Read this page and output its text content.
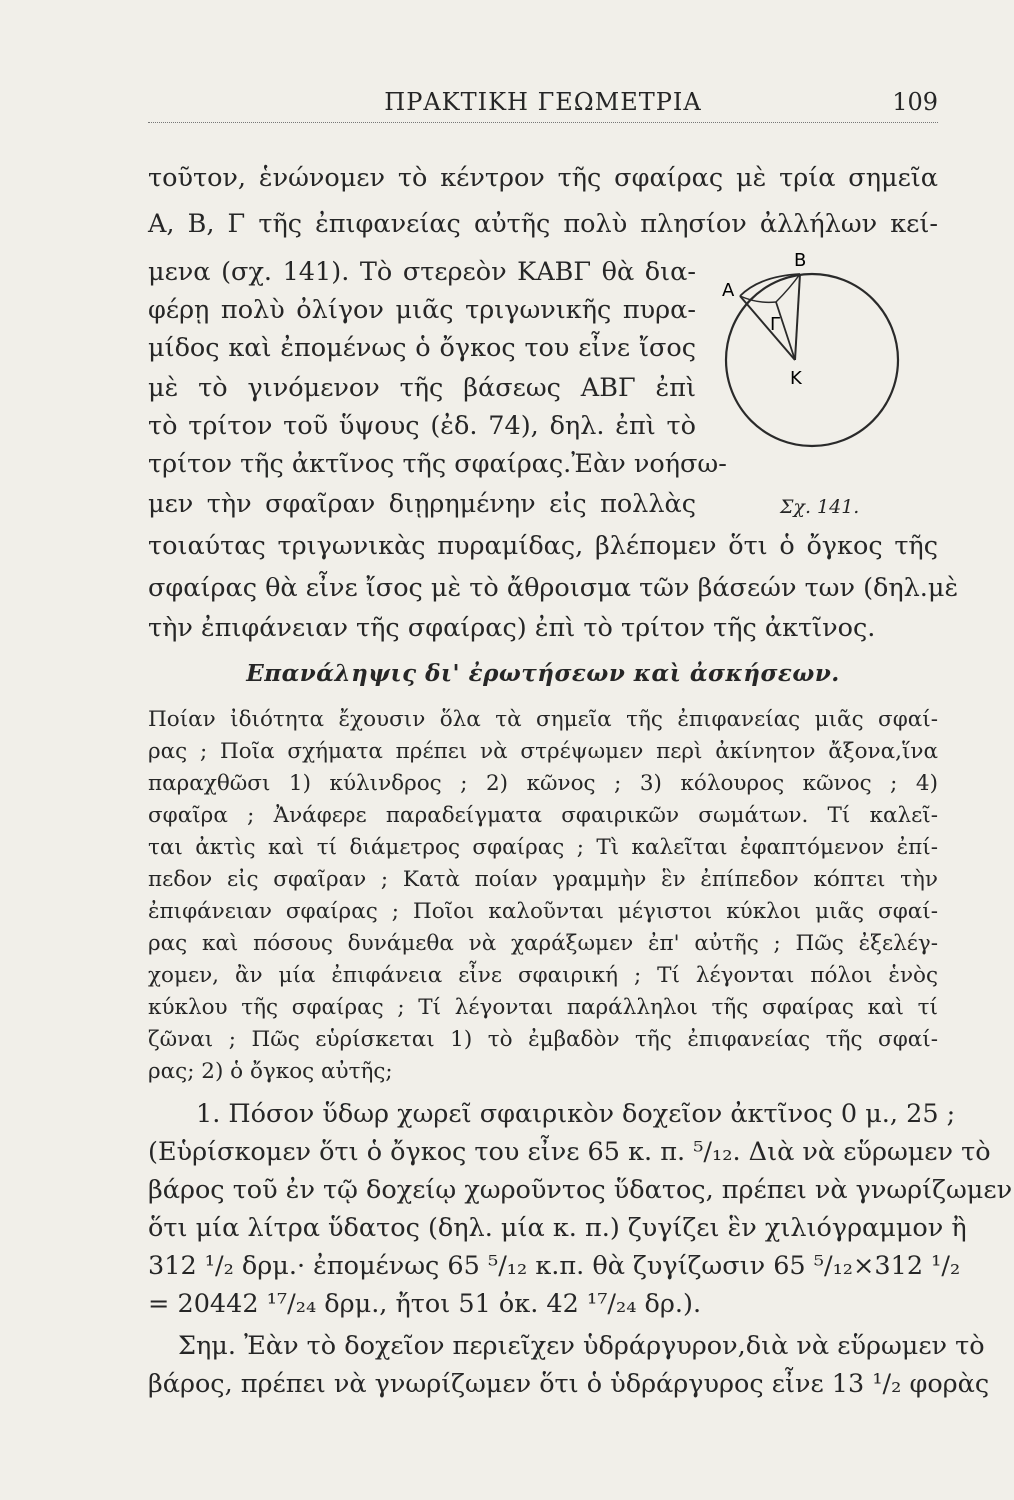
ΠΡΑΚΤΙΚΗ ΓΕΩΜΕΤΡΙΑ	109
τοῦτον, ἑνώνομεν τὸ κέντρον τῆς σφαίρας μὲ τρία σημεῖα
Α, Β, Γ τῆς ἐπιφανείας αὐτῆς πολὺ πλησίον ἀλλήλων κεί-
μενα (σχ. 141). Τὸ στερεὸν ΚΑΒΓ θὰ δια-
φέρῃ πολὺ ὀλίγον μιᾶς τριγωνικῆς πυρα-
μίδος καὶ ἐπομένως ὁ ὄγκος του εἶνε ἴσος
μὲ τὸ γινόμενον τῆς βάσεως ΑΒΓ ἐπὶ
τὸ τρίτον τοῦ ὕψους (ἐδ. 74), δηλ. ἐπὶ τὸ
τρίτον τῆς ἀκτῖνος τῆς σφαίρας.Ἐὰν νοήσω-
μεν τὴν σφαῖραν διῃρημένην εἰς πολλὰς
τοιαύτας τριγωνικὰς πυραμίδας, βλέπομεν ὅτι ὁ ὄγκος τῆς
σφαίρας θὰ εἶνε ἴσος μὲ τὸ ἄθροισμα τῶν βάσεών των (δηλ.μὲ
τὴν ἐπιφάνειαν τῆς σφαίρας) ἐπὶ τὸ τρίτον τῆς ἀκτῖνος.
Α
Β
Γ
Κ
Σχ. 141.
Επανάληψις δι' ἐρωτήσεων καὶ ἀσκήσεων.
Ποίαν ἰδιότητα ἔχουσιν ὅλα τὰ σημεῖα τῆς ἐπιφανείας μιᾶς σφαί-
ρας ; Ποῖα σχήματα πρέπει νὰ στρέψωμεν περὶ ἀκίνητον ἄξονα,ἵνα
παραχθῶσι 1) κύλινδρος ; 2) κῶνος ; 3) κόλουρος κῶνος ; 4)
σφαῖρα ; Ἀνάφερε παραδείγματα σφαιρικῶν σωμάτων. Τί καλεῖ-
ται ἀκτὶς καὶ τί διάμετρος σφαίρας ; Τὶ καλεῖται ἐφαπτόμενον ἐπί-
πεδον εἰς σφαῖραν ; Κατὰ ποίαν γραμμὴν ἓν ἐπίπεδον κόπτει τὴν
ἐπιφάνειαν σφαίρας ; Ποῖοι καλοῦνται μέγιστοι κύκλοι μιᾶς σφαί-
ρας καὶ πόσους δυνάμεθα νὰ χαράξωμεν ἐπ' αὐτῆς ; Πῶς ἐξελέγ-
χομεν, ἂν μία ἐπιφάνεια εἶνε σφαιρική ; Τί λέγονται πόλοι ἑνὸς
κύκλου τῆς σφαίρας ; Τί λέγονται παράλληλοι τῆς σφαίρας καὶ τί
ζῶναι ; Πῶς εὑρίσκεται 1) τὸ ἐμβαδὸν τῆς ἐπιφανείας τῆς σφαί-
ρας; 2) ὁ ὄγκος αὐτῆς;
1. Πόσον ὕδωρ χωρεῖ σφαιρικὸν δοχεῖον ἀκτῖνος 0 μ., 25 ;
(Εὑρίσκομεν ὅτι ὁ ὄγκος του εἶνε 65 κ. π. ⁵/₁₂. Διὰ νὰ εὕρωμεν τὸ
βάρος τοῦ ἐν τῷ δοχείῳ χωροῦντος ὕδατος, πρέπει νὰ γνωρίζωμεν
ὅτι μία λίτρα ὕδατος (δηλ. μία κ. π.) ζυγίζει ἓν χιλιόγραμμον ἢ
312 ¹/₂ δρμ.· ἐπομένως 65 ⁵/₁₂ κ.π. θὰ ζυγίζωσιν 65 ⁵/₁₂×312 ¹/₂
= 20442 ¹⁷/₂₄ δρμ., ἤτοι 51 ὀκ. 42 ¹⁷/₂₄ δρ.).
Σημ. Ἐὰν τὸ δοχεῖον περιεῖχεν ὑδράργυρον,διὰ νὰ εὕρωμεν τὸ
βάρος, πρέπει νὰ γνωρίζωμεν ὅτι ὁ ὑδράργυρος εἶνε 13 ¹/₂ φορὰς
